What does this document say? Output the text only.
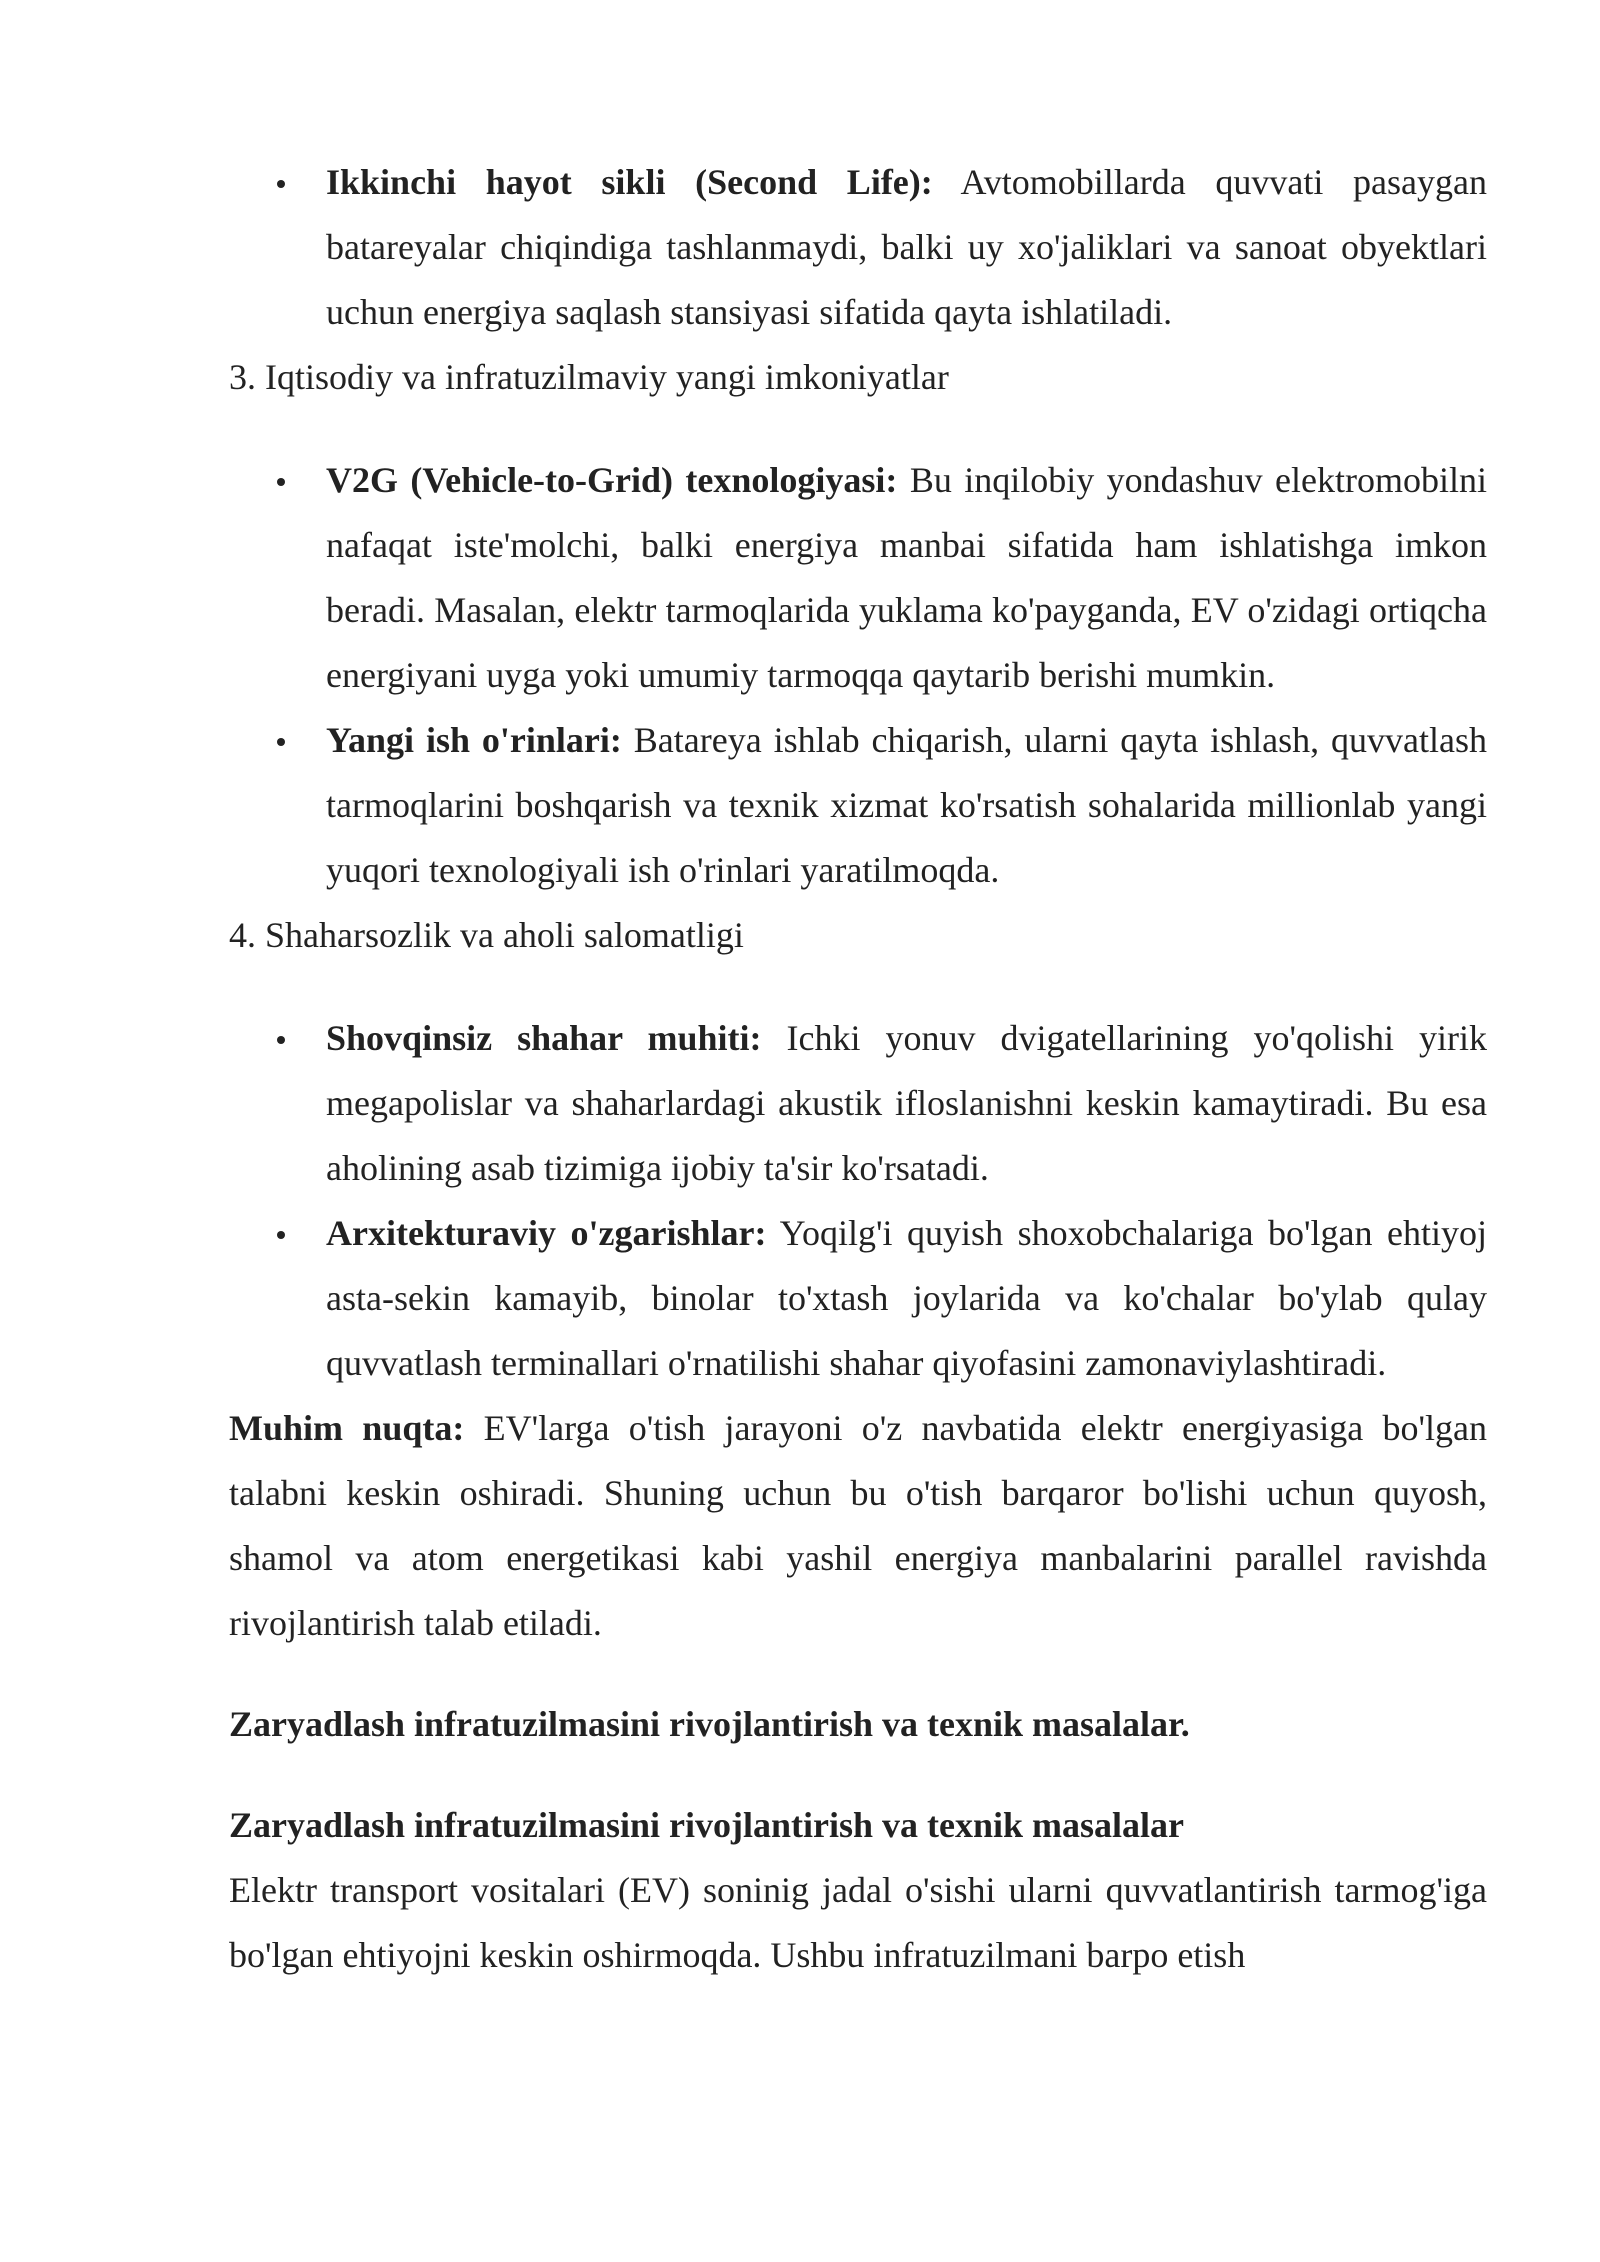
Ikkinchi hayot sikli (Second Life): Avtomobillarda quvvati pasaygan batareyalar chiqindiga tashlanmaydi, balki uy xo'jaliklari va sanoat obyektlari uchun energiya saqlash stansiyasi sifatida qayta ishlatiladi.

3. Iqtisodiy va infratuzilmaviy yangi imkoniyatlar

V2G (Vehicle-to-Grid) texnologiyasi: Bu inqilobiy yondashuv elektromobilni nafaqat iste'molchi, balki energiya manbai sifatida ham ishlatishga imkon beradi. Masalan, elektr tarmoqlarida yuklama ko'payganda, EV o'zidagi ortiqcha energiyani uyga yoki umumiy tarmoqqa qaytarib berishi mumkin.
Yangi ish o'rinlari: Batareya ishlab chiqarish, ularni qayta ishlash, quvvatlash tarmoqlarini boshqarish va texnik xizmat ko'rsatish sohalarida millionlab yangi yuqori texnologiyali ish o'rinlari yaratilmoqda.

4. Shaharsozlik va aholi salomatligi

Shovqinsiz shahar muhiti: Ichki yonuv dvigatellarining yo'qolishi yirik megapolislar va shaharlardagi akustik ifloslanishni keskin kamaytiradi. Bu esa aholining asab tizimiga ijobiy ta'sir ko'rsatadi.
Arxitekturaviy o'zgarishlar: Yoqilg'i quyish shoxobchalariga bo'lgan ehtiyoj asta-sekin kamayib, binolar to'xtash joylarida va ko'chalar bo'ylab qulay quvvatlash terminallari o'rnatilishi shahar qiyofasini zamonaviylashtiradi.

Muhim nuqta: EV'larga o'tish jarayoni o'z navbatida elektr energiyasiga bo'lgan talabni keskin oshiradi. Shuning uchun bu o'tish barqaror bo'lishi uchun quyosh, shamol va atom energetikasi kabi yashil energiya manbalarini parallel ravishda rivojlantirish talab etiladi.

Zaryadlash infratuzilmasini rivojlantirish va texnik masalalar.

Zaryadlash infratuzilmasini rivojlantirish va texnik masalalar

Elektr transport vositalari (EV) soninig jadal o'sishi ularni quvvatlantirish tarmog'iga bo'lgan ehtiyojni keskin oshirmoqda. Ushbu infratuzilmani barpo etish
